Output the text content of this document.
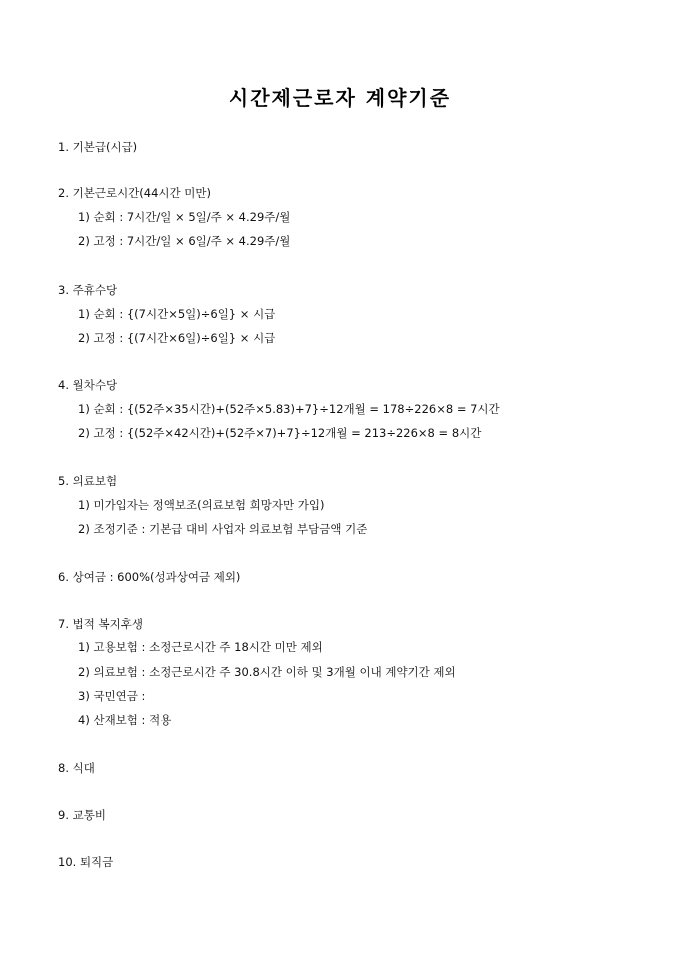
시간제근로자 계약기준
1. 기본급(시급)
2. 기본근로시간(44시간 미만)
1) 순회 : 7시간/일 × 5일/주 × 4.29주/월
2) 고정 : 7시간/일 × 6일/주 × 4.29주/월
3. 주휴수당
1) 순회 : {(7시간×5일)÷6일} × 시급
2) 고정 : {(7시간×6일)÷6일} × 시급
4. 월차수당
1) 순회 : {(52주×35시간)+(52주×5.83)+7}÷12개월 = 178÷226×8 = 7시간
2) 고정 : {(52주×42시간)+(52주×7)+7}÷12개월 = 213÷226×8 = 8시간
5. 의료보험
1) 미가입자는 정액보조(의료보험 희망자만 가입)
2) 조정기준 : 기본급 대비 사업자 의료보험 부담금액 기준
6. 상여금 : 600%(성과상여금 제외)
7. 법적 복지후생
1) 고용보험 : 소정근로시간 주 18시간 미만 제외
2) 의료보험 : 소정근로시간 주 30.8시간 이하 및 3개월 이내 계약기간 제외
3) 국민연금 :
4) 산재보험 : 적용
8. 식대
9. 교통비
10. 퇴직금
